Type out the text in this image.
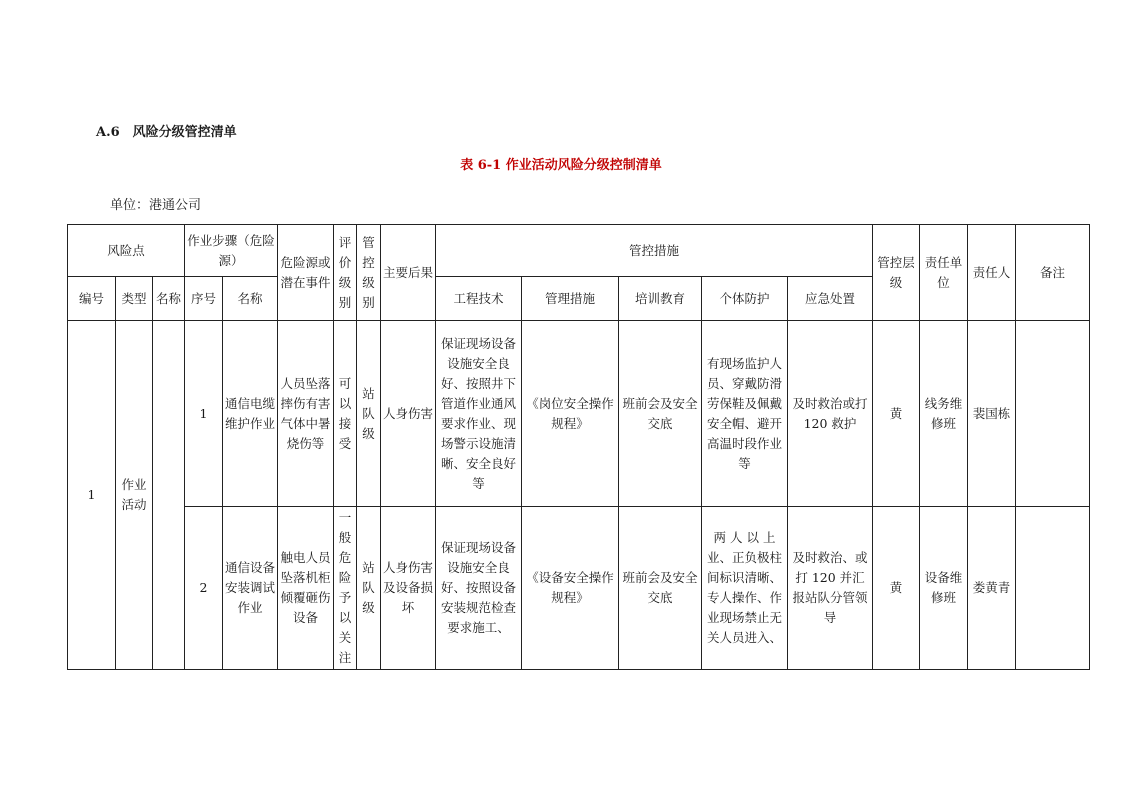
A.6　风险分级管控清单
表 6-1 作业活动风险分级控制清单
单位：港通公司
风险点			作业步骤（危险源）		危险源或潜在事件	评价级别	管控级别	主要后果	管控措施					管控层级	责任单位	责任人	备注
编号	类型	名称	序号	名称					工程技术	管理措施	培训教育	个体防护	应急处置				
1	作业活动		1	通信电缆维护作业	人员坠落摔伤有害气体中暑烧伤等	可以接受	站队级	人身伤害	保证现场设备设施安全良好、按照井下管道作业通风要求作业、现场警示设施清晰、安全良好 等	《岗位安全操作规程》	班前会及安全交底	有现场监护人员、穿戴防滑劳保鞋及佩戴安全帽、避开高温时段作业等	及时救治或打 120 救护	黄	线务维修班	裴国栋	
			2	通信设备安装调试作业	触电人员坠落机柜倾覆砸伤设备	一般危险予以关注	站队级	人身伤害及设备损坏	保证现场设备设施安全良好、按照设备安装规范检查要求施工、	《设备安全操作规程》	班前会及安全交底	两 人 以 上业、正负极柱间标识清晰、专人操作、作业现场禁止无关人员进入、	及时救治、或打 120 并汇报站队分管领导	黄	设备维修班	娄黄青	
